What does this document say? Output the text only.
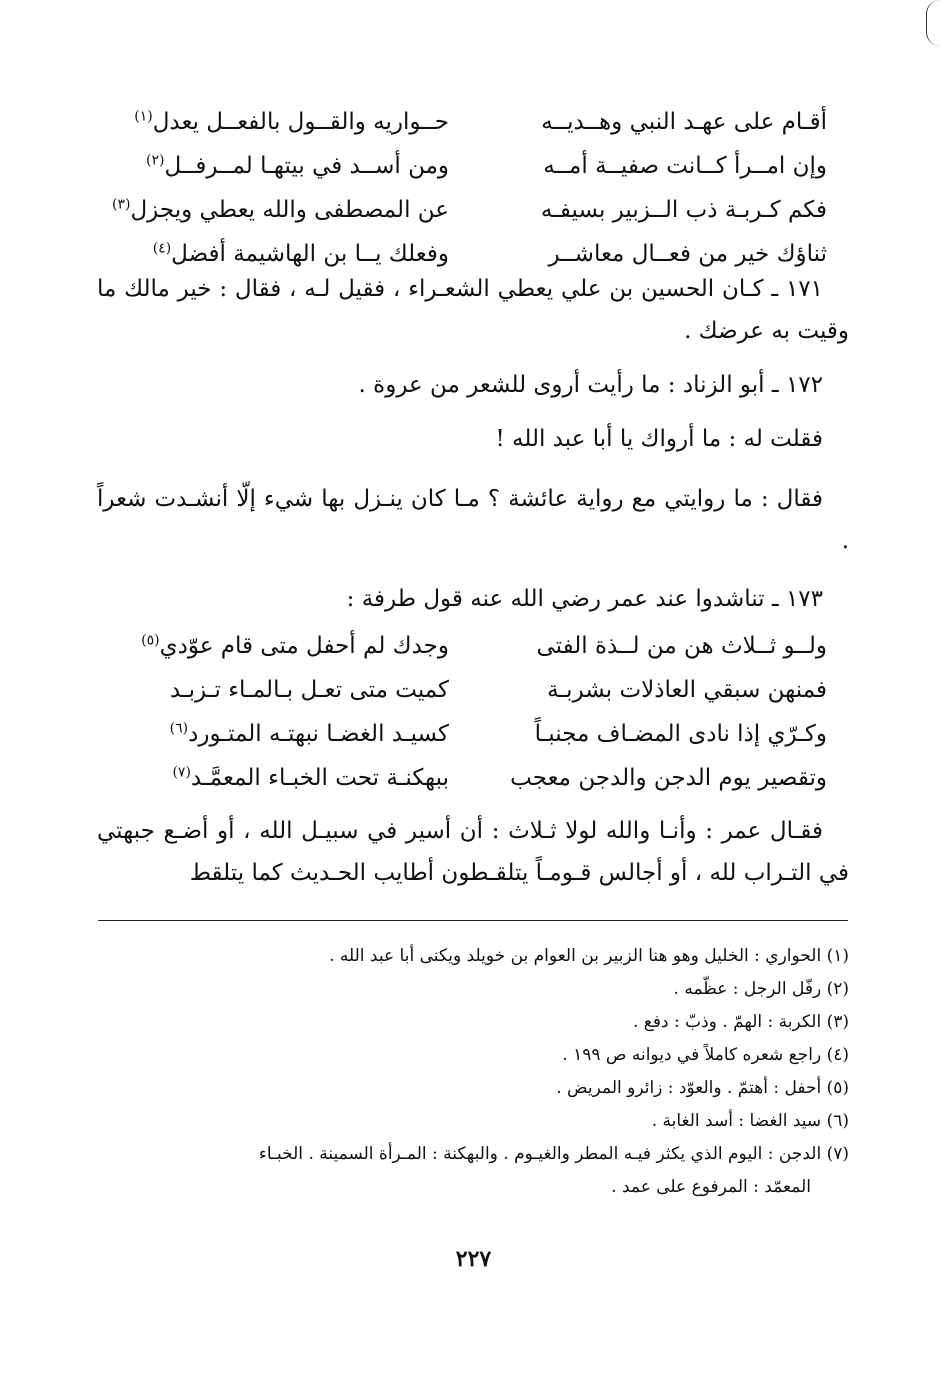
أقـام على عهـد النبي وهــديــه
حــواريه والقــول بالفعــل يعدل$^{(١)}$
وإن امــرأ كــانت صفيــة أمــه
ومن أســد في بيتهـا لمــرفــل$^{(٢)}$
فكم كـربـة ذب الــزبير بسيفـه
عن المصطفى والله يعطي ويجزل$^{(٣)}$
ثناؤك خير من فعــال معاشــر
وفعلك يــا بن الهاشيمة أفضل$^{(٤)}$

١٧١ ـ كـان الحسين بن علي يعطي الشعـراء ، فقيل لـه ، فقال : خير مالك ما وقيت به عرضك .

١٧٢ ـ أبو الزناد : ما رأيت أروى للشعر من عروة .

فقلت له : ما أرواك يا أبا عبد الله !

فقال : ما روايتي مع رواية عائشة ؟ مـا كان ينـزل بها شيء إلّا أنشـدت شعراً .

١٧٣ ـ تناشدوا عند عمر رضي الله عنه قول طرفة :

ولــو ثــلاث هن من لــذة الفتى
وجدك لم أحفل متى قام عوّدي$^{(٥)}$
فمنهن سبقي العاذلات بشربـة
كميت متى تعـل بـالمـاء تـزبـد
وكـرّي إذا نادى المضـاف مجنبـاً
كسيـد الغضـا نبهتـه المتـورد$^{(٦)}$
وتقصير يوم الدجن والدجن معجب
ببهكنـة تحت الخبـاء المعمَّـد$^{(٧)}$

فقـال عمر : وأنـا والله لولا ثـلاث : أن أسير في سبيـل الله ، أو أضـع جبهتي في التـراب لله ، أو أجالس قـومـاً يتلقـطون أطايب الحـديث كما يتلقط

(١) الحواري : الخليل وهو هنا الزبير بن العوام بن خويلد ويكنى أبا عبد الله .
(٢) رفّل الرجل : عظّمه .
(٣) الكربة : الهمّ . وذبّ : دفع .
(٤) راجع شعره كاملاً في ديوانه ص ١٩٩ .
(٥) أحفل : أهتمّ . والعوّد : زائرو المريض .
(٦) سيد الغضا : أسد الغابة .
(٧) الدجن : اليوم الذي يكثر فيـه المطر والغيـوم . والبهكنة : المـرأة السمينة . الخبـاء
المعمّد : المرفوع على عمد .
٢٢٧
